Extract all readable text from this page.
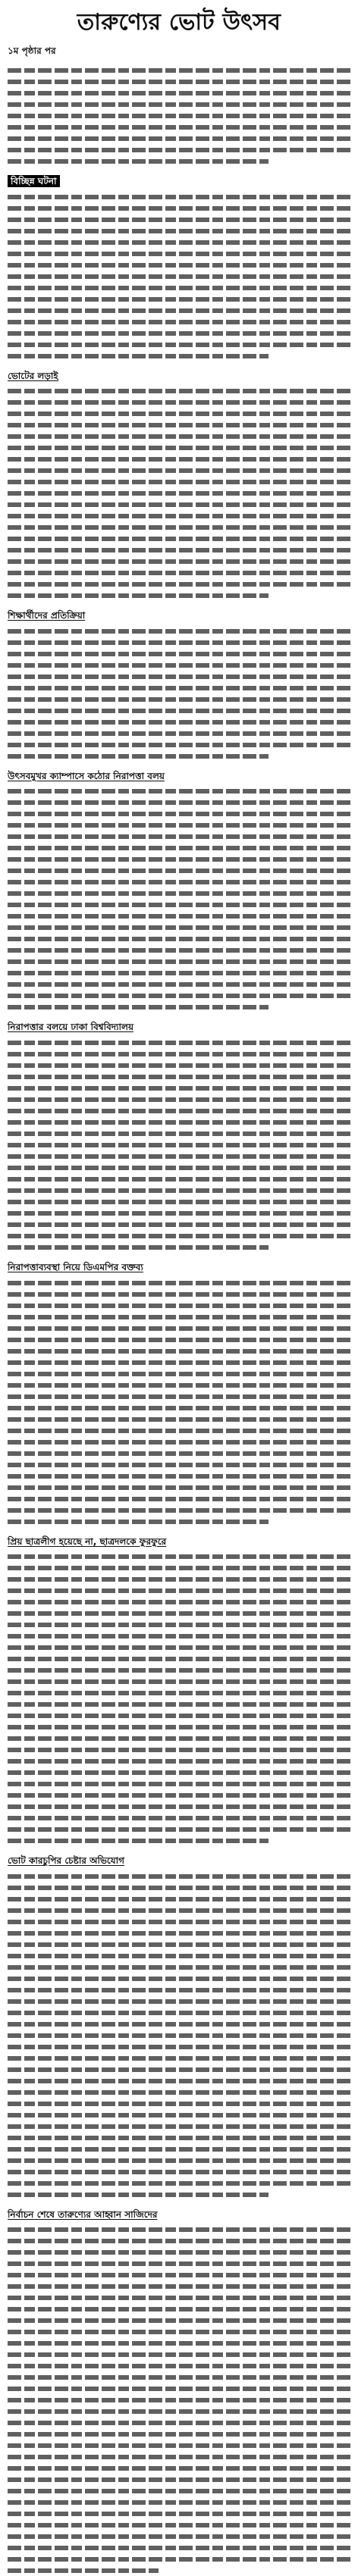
তারুণ্যের ভোট উৎসব
১ম পৃষ্ঠার পর
বিচ্ছিন্ন ঘটনা
ভোটের লড়াই
শিক্ষার্থীদের প্রতিক্রিয়া
উৎসবমুখর ক্যাম্পাসে কঠোর নিরাপত্তা বলয়
নিরাপত্তার বলয়ে ঢাকা বিশ্ববিদ্যালয়
নিরাপত্তাব্যবস্থা নিয়ে ডিএমপির বক্তব্য
প্রিয় ছাত্রলীগ হয়েছে না, ছাত্রদলকে ফুরফুরে
ভোট কারচুপির চেষ্টার অভিযোগ
নির্বাচন শেষে তারুণ্যের আহ্বান সাজিদের
